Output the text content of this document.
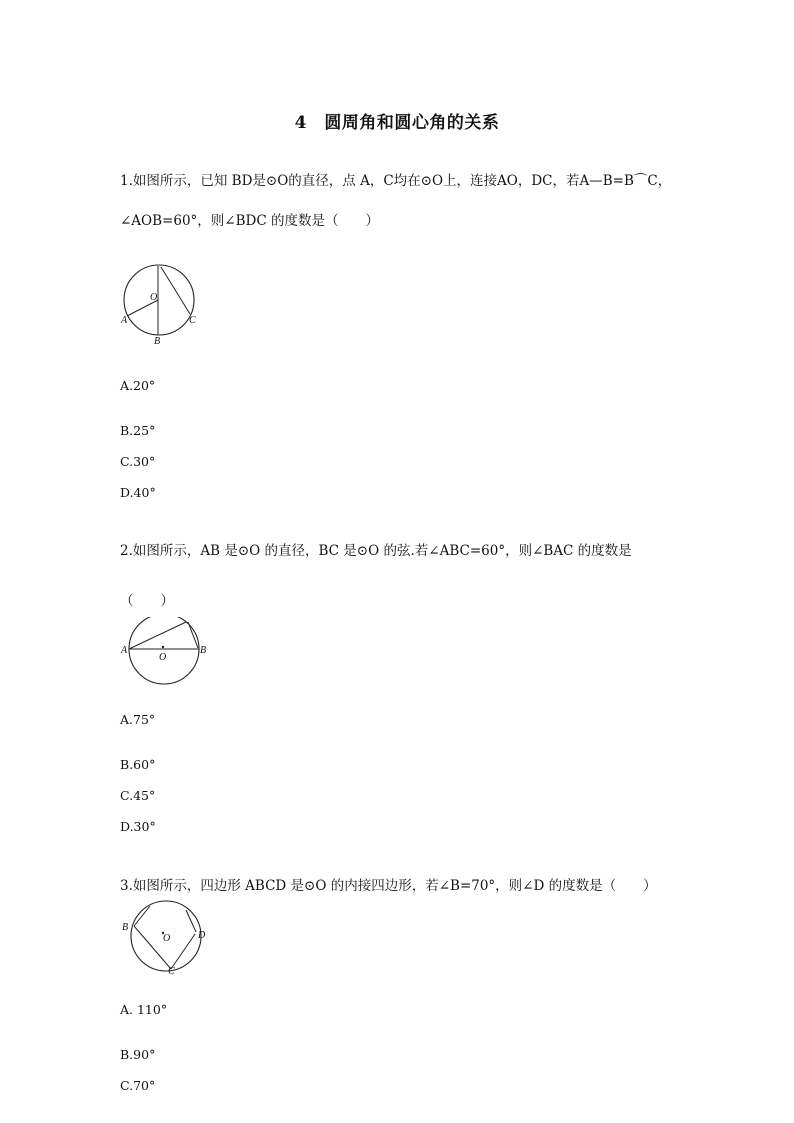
4　圆周角和圆心角的关系
1.如图所示，已知 BD是⊙O的直径，点 A，C均在⊙O上，连接AO，DC，若A—B=B⌒C，
∠AOB=60°，则∠BDC 的度数是（　　）
O
A
B
C
A.20°
B.25°
C.30°
D.40°
2.如图所示，AB 是⊙O 的直径，BC 是⊙O 的弦.若∠ABC=60°，则∠BAC 的度数是
（　　）
A
O
B
A.75°
B.60°
C.45°
D.30°
3.如图所示，四边形 ABCD 是⊙O 的内接四边形，若∠B=70°，则∠D 的度数是（　　）
B
O	D
C
A. 110°
B.90°
C.70°
